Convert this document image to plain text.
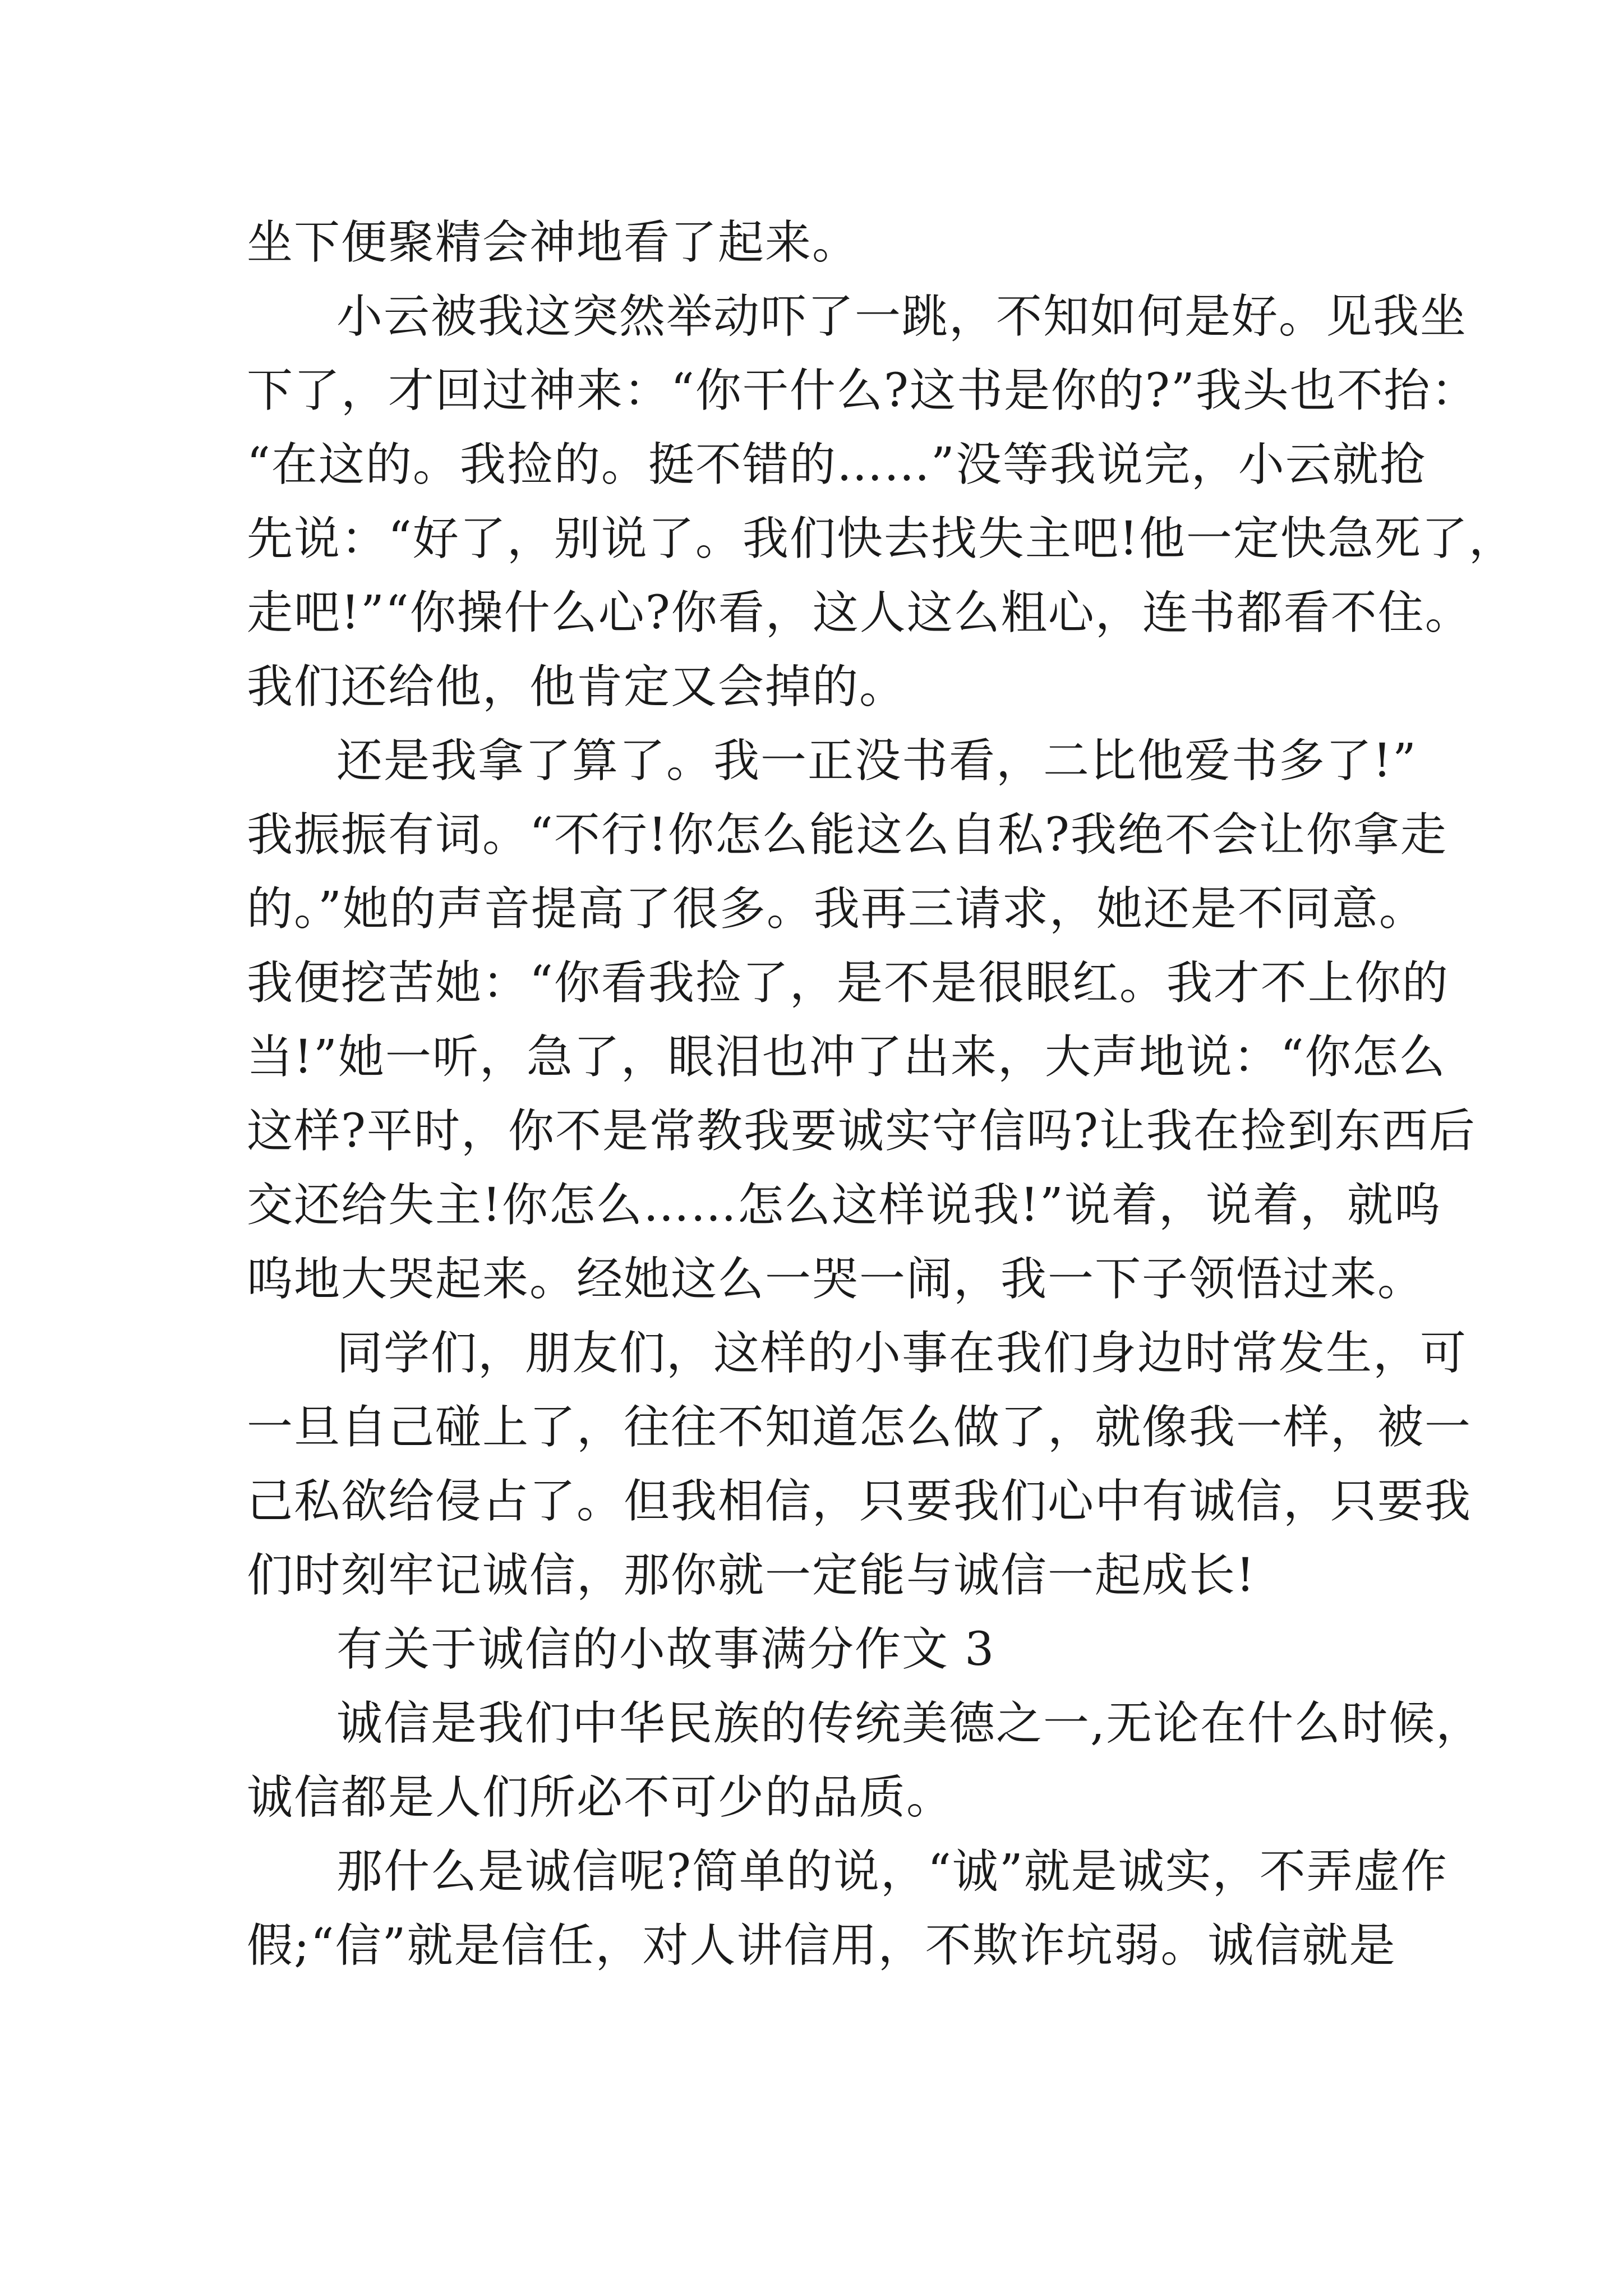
坐下便聚精会神地看了起来。
小云被我这突然举动吓了一跳，不知如何是好。见我坐
下了，才回过神来：“你干什么?这书是你的?”我头也不抬：
“在这的。我捡的。挺不错的……”没等我说完，小云就抢
先说：“好了，别说了。我们快去找失主吧!他一定快急死了，
走吧!”“你操什么心?你看，这人这么粗心，连书都看不住。
我们还给他，他肯定又会掉的。
还是我拿了算了。我一正没书看，二比他爱书多了!”
我振振有词。“不行!你怎么能这么自私?我绝不会让你拿走
的。”她的声音提高了很多。我再三请求，她还是不同意。
我便挖苦她：“你看我捡了，是不是很眼红。我才不上你的
当!”她一听，急了，眼泪也冲了出来，大声地说：“你怎么
这样?平时，你不是常教我要诚实守信吗?让我在捡到东西后
交还给失主!你怎么……怎么这样说我!”说着，说着，就呜
呜地大哭起来。经她这么一哭一闹，我一下子领悟过来。
同学们，朋友们，这样的小事在我们身边时常发生，可
一旦自己碰上了，往往不知道怎么做了，就像我一样，被一
己私欲给侵占了。但我相信，只要我们心中有诚信，只要我
们时刻牢记诚信，那你就一定能与诚信一起成长!
有关于诚信的小故事满分作文 3
诚信是我们中华民族的传统美德之一,无论在什么时候，
诚信都是人们所必不可少的品质。
那什么是诚信呢?简单的说，“诚”就是诚实，不弄虚作
假;“信”就是信任，对人讲信用，不欺诈坑弱。诚信就是
